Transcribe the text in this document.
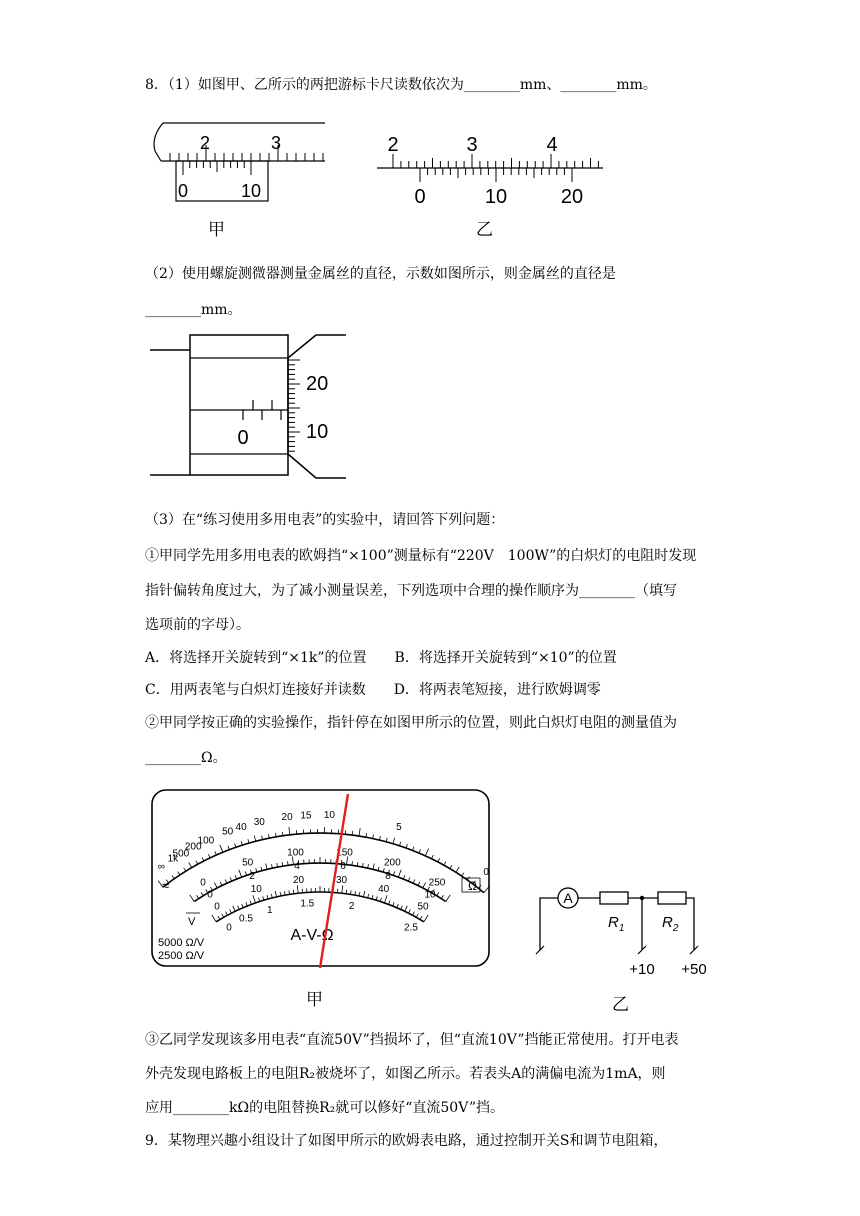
8．（1）如图甲、乙所示的两把游标卡尺读数依次为________mm、________mm。
2	3
0	10
甲
2	3	4
0	10	20
乙
（2）使用螺旋测微器测量金属丝的直径，示数如图所示，则金属丝的直径是
________mm。
0
20
10
（3）在“练习使用多用电表”的实验中，请回答下列问题：
①甲同学先用多用电表的欧姆挡“×100”测量标有“220V　100W”的白炽灯的电阻时发现
指针偏转角度过大，为了减小测量误差，下列选项中合理的操作顺序为________（填写
选项前的字母）。
A．将选择开关旋转到“×1k”的位置　　B．将选择开关旋转到“×10”的位置
C．用两表笔与白炽灯连接好并读数　　D．将两表笔短接，进行欧姆调零
②甲同学按正确的实验操作，指针停在如图甲所示的位置，则此白炽灯电阻的测量值为
________Ω。
∞
1k
500
200
100
50 40 30 20 15 10
5
0
0
50
100	150
200
250
0
2
4	6
8
10
0
10
20	30
40
50
0
0.5
1
1.5	2
2.5
Ω
≈
V
A-V-Ω
5000 Ω/V
2500 Ω/V
甲
A
$R_1$	$R_2$
+10 +50
乙
③乙同学发现该多用电表“直流50V”挡损坏了，但“直流10V”挡能正常使用。打开电表
外壳发现电路板上的电阻R₂被烧坏了，如图乙所示。若表头A的满偏电流为1mA，则
应用________kΩ的电阻替换R₂就可以修好“直流50V”挡。
9．某物理兴趣小组设计了如图甲所示的欧姆表电路，通过控制开关S和调节电阻箱，
